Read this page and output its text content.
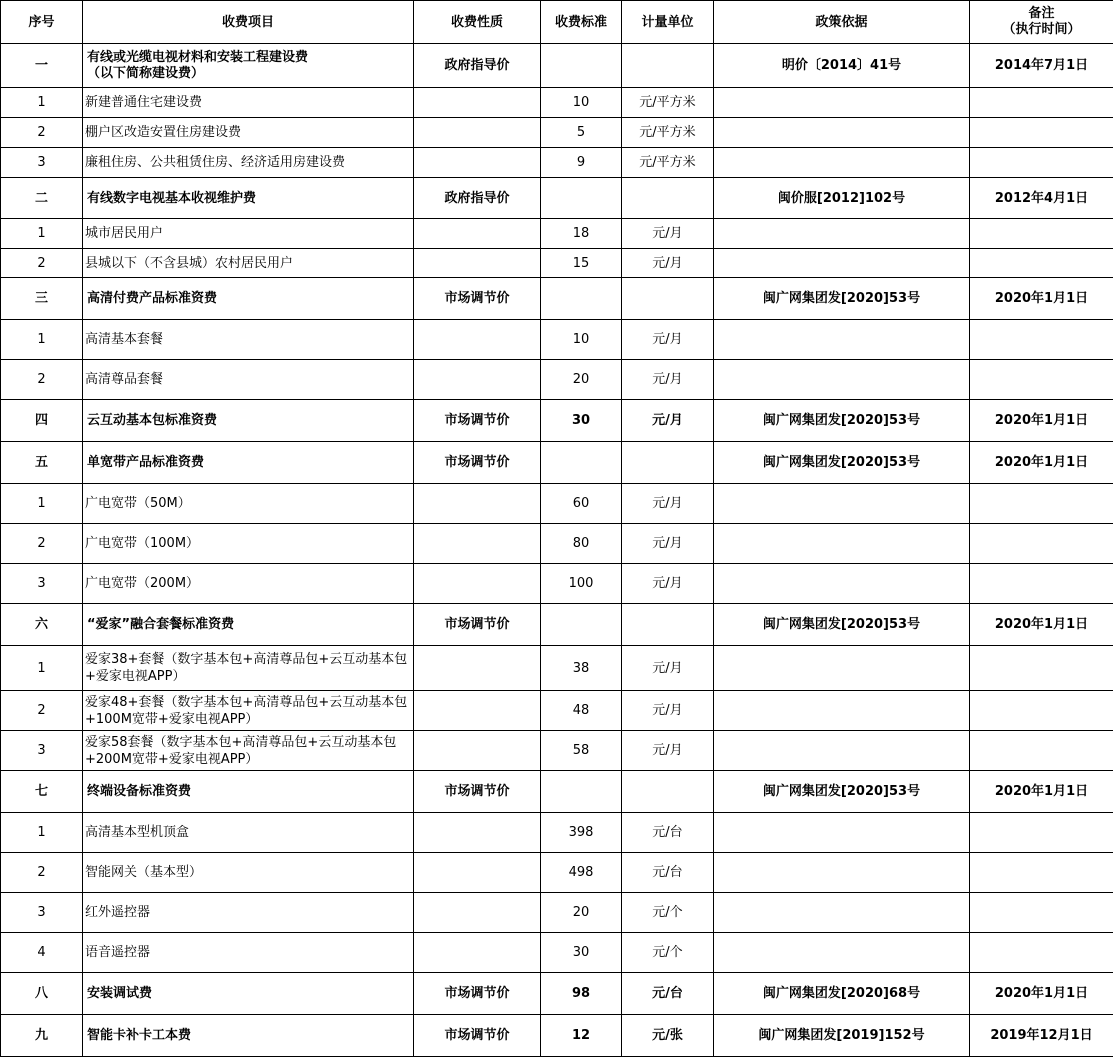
序号	收费项目	收费性质	收费标准	计量单位	政策依据	备注
（执行时间）
一	有线或光缆电视材料和安装工程建设费
（以下简称建设费）	政府指导价			明价〔2014〕41号	2014年7月1日
1	新建普通住宅建设费		10	元/平方米		
2	棚户区改造安置住房建设费		5	元/平方米		
3	廉租住房、公共租赁住房、经济适用房建设费		9	元/平方米		
二	有线数字电视基本收视维护费	政府指导价			闽价服[2012]102号	2012年4月1日
1	城市居民用户		18	元/月		
2	县城以下（不含县城）农村居民用户		15	元/月		
三	高清付费产品标准资费	市场调节价			闽广网集团发[2020]53号	2020年1月1日
1	高清基本套餐		10	元/月		
2	高清尊品套餐		20	元/月		
四	云互动基本包标准资费	市场调节价	30	元/月	闽广网集团发[2020]53号	2020年1月1日
五	单宽带产品标准资费	市场调节价			闽广网集团发[2020]53号	2020年1月1日
1	广电宽带（50M）		60	元/月		
2	广电宽带（100M）		80	元/月		
3	广电宽带（200M）		100	元/月		
六	“爱家”融合套餐标准资费	市场调节价			闽广网集团发[2020]53号	2020年1月1日
1	爱家38+套餐（数字基本包+高清尊品包+云互动基本包+爱家电视APP）		38	元/月		
2	爱家48+套餐（数字基本包+高清尊品包+云互动基本包+100M宽带+爱家电视APP）		48	元/月		
3	爱家58套餐（数字基本包+高清尊品包+云互动基本包+200M宽带+爱家电视APP）		58	元/月		
七	终端设备标准资费	市场调节价			闽广网集团发[2020]53号	2020年1月1日
1	高清基本型机顶盒		398	元/台		
2	智能网关（基本型）		498	元/台		
3	红外遥控器		20	元/个		
4	语音遥控器		30	元/个		
八	安装调试费	市场调节价	98	元/台	闽广网集团发[2020]68号	2020年1月1日
九	智能卡补卡工本费	市场调节价	12	元/张	闽广网集团发[2019]152号	2019年12月1日
